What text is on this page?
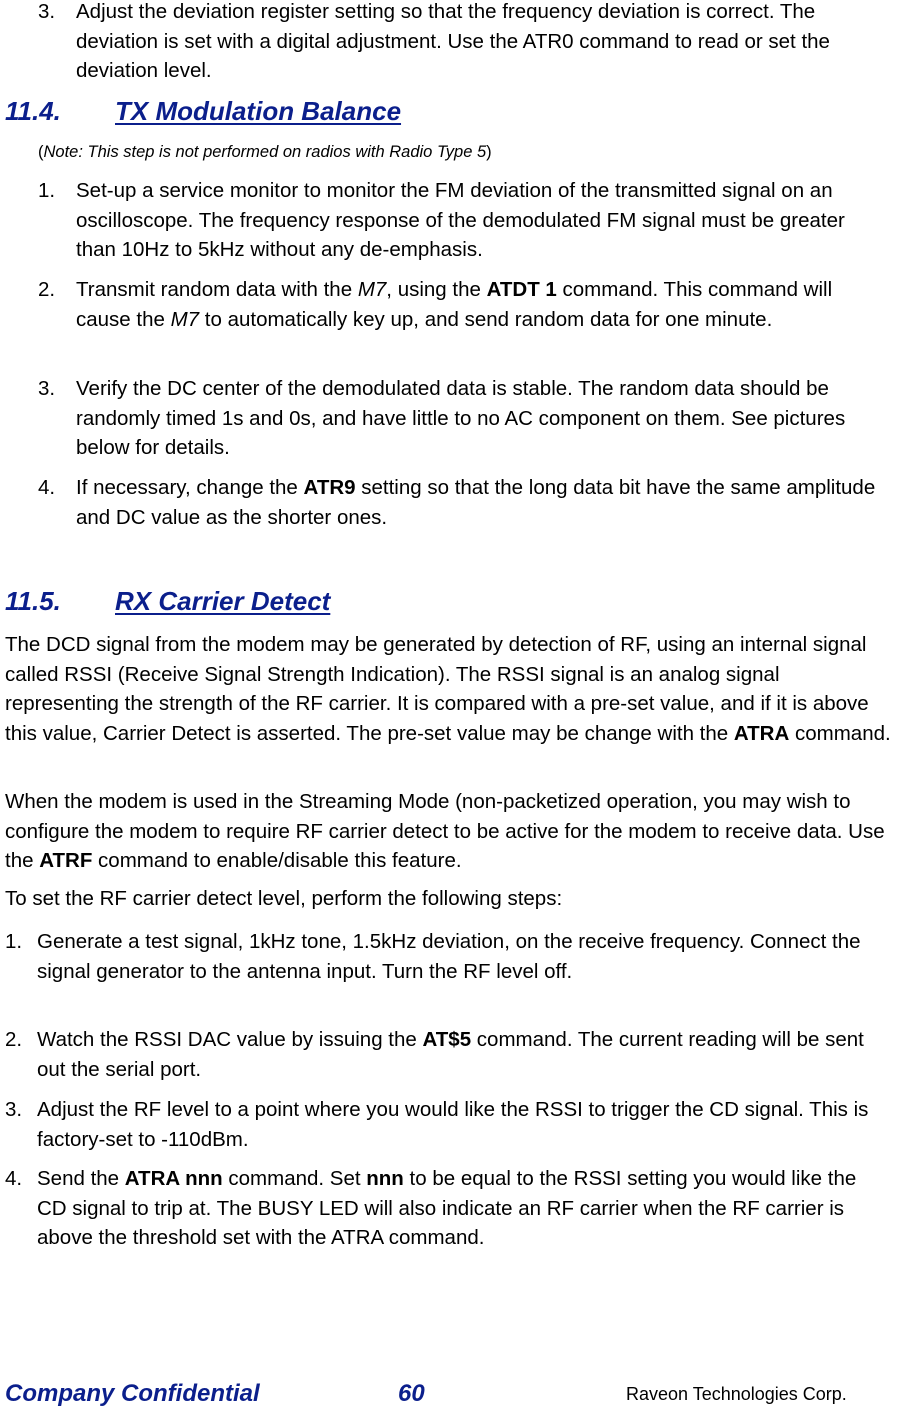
3.	Adjust the deviation register setting so that the frequency deviation is correct. The deviation is set with a digital adjustment. Use the ATR0 command to read or set the deviation level.
11.4. TX Modulation Balance
(Note: This step is not performed on radios with Radio Type 5)
1.	Set-up a service monitor to monitor the FM deviation of the transmitted signal on an oscilloscope. The frequency response of the demodulated FM signal must be greater than 10Hz to 5kHz without any de-emphasis.
2.	Transmit random data with the M7, using the ATDT 1 command. This command will cause the M7 to automatically key up, and send random data for one minute.
3.	Verify the DC center of the demodulated data is stable. The random data should be randomly timed 1s and 0s, and have little to no AC component on them. See pictures below for details.
4.	If necessary, change the ATR9 setting so that the long data bit have the same amplitude and DC value as the shorter ones.
11.5. RX Carrier Detect

The DCD signal from the modem may be generated by detection of RF, using an internal signal called RSSI (Receive Signal Strength Indication). The RSSI signal is an analog signal representing the strength of the RF carrier. It is compared with a pre-set value, and if it is above this value, Carrier Detect is asserted. The pre-set value may be change with the ATRA command.

When the modem is used in the Streaming Mode (non-packetized operation, you may wish to configure the modem to require RF carrier detect to be active for the modem to receive data. Use the ATRF command to enable/disable this feature.

To set the RF carrier detect level, perform the following steps:

1. Generate a test signal, 1kHz tone, 1.5kHz deviation, on the receive frequency. Connect the signal generator to the antenna input. Turn the RF level off.
2. Watch the RSSI DAC value by issuing the AT$5 command. The current reading will be sent out the serial port.
3. Adjust the RF level to a point where you would like the RSSI to trigger the CD signal. This is factory-set to -110dBm.
4. Send the ATRA nnn command. Set nnn to be equal to the RSSI setting you would like the CD signal to trip at. The BUSY LED will also indicate an RF carrier when the RF carrier is above the threshold set with the ATRA command.
Company Confidential	60	Raveon Technologies Corp.
